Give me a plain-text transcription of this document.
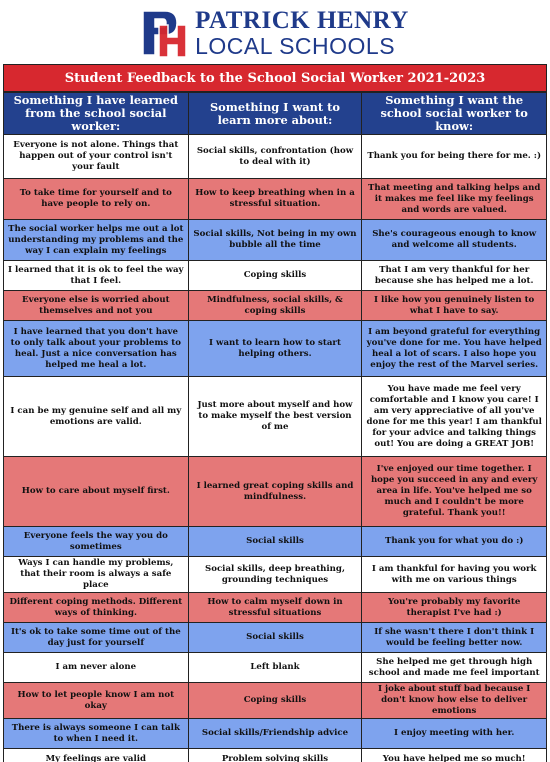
PATRICK HENRY
LOCAL SCHOOLS
Student Feedback to the School Social Worker 2021-2023
Something I have learned from the school social worker:	Something I want to learn more about:	Something I want the school social worker to know:
Everyone is not alone. Things that happen out of your control isn't your fault	Social skills, confrontation (how to deal with it)	Thank you for being there for me. :)
To take time for yourself and to have people to rely on.	How to keep breathing when in a stressful situation.	That meeting and talking helps and it makes me feel like my feelings and words are valued.
The social worker helps me out a lot understanding my problems and the way I can explain my feelings	Social skills, Not being in my own bubble all the time	She's courageous enough to know and welcome all students.
I learned that it is ok to feel the way that I feel.	Coping skills	That I am very thankful for her because she has helped me a lot.
Everyone else is worried about themselves and not you	Mindfulness, social skills, & coping skills	I like how you genuinely listen to what I have to say.
I have learned that you don't have to only talk about your problems to heal. Just a nice conversation has helped me heal a lot.	I want to learn how to start helping others.	I am beyond grateful for everything you've done for me. You have helped heal a lot of scars. I also hope you enjoy the rest of the Marvel series.
I can be my genuine self and all my emotions are valid.	Just more about myself and how to make myself the best version of me	You have made me feel very comfortable and I know you care! I am very appreciative of all you've done for me this year! I am thankful for your advice and talking things out! You are doing a GREAT JOB!
How to care about myself first.	I learned great coping skills and mindfulness.	I've enjoyed our time together. I hope you succeed in any and every area in life. You've helped me so much and I couldn't be more grateful. Thank you!!
Everyone feels the way you do sometimes	Social skills	Thank you for what you do :)
Ways I can handle my problems, that their room is always a safe place	Social skills, deep breathing, grounding techniques	I am thankful for having you work with me on various things
Different coping methods. Different ways of thinking.	How to calm myself down in stressful situations	You're probably my favorite therapist I've had :)
It's ok to take some time out of the day just for yourself	Social skills	If she wasn't there I don't think I would be feeling better now.
I am never alone	Left blank	She helped me get through high school and made me feel important
How to let people know I am not okay	Coping skills	I joke about stuff bad because I don't know how else to deliver emotions
There is always someone I can talk to when I need it.	Social skills/Friendship advice	I enjoy meeting with her.
My feelings are valid	Problem solving skills	You have helped me so much!
